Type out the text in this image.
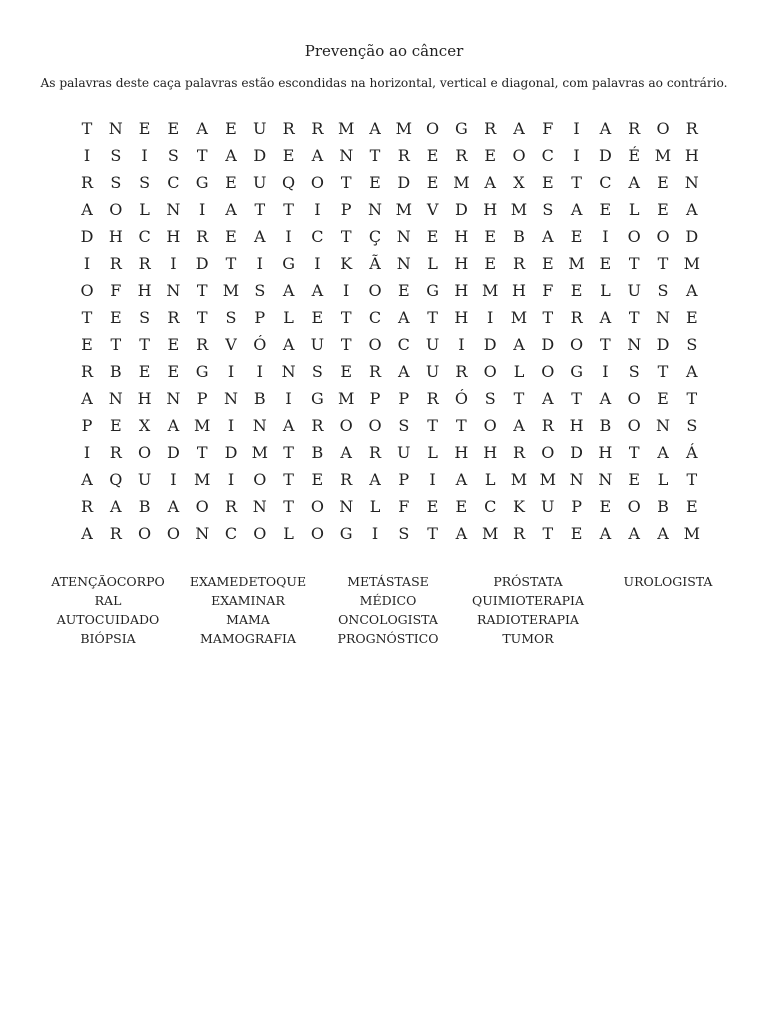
Prevenção ao câncer
As palavras deste caça palavras estão escondidas na horizontal, vertical e diagonal, com palavras ao contrário.
T	N E	E	A	E	U	R	R M A M O G	R	A	F	I	A	R	O	R
I	S	I	S	T	A	D	E	A	N	T	R	E	R	E	O	C	I	D	É M H
R	S	S	C	G	E	U Q O	T	E	D	E M A	X	E	T	C	A	E N
A	O	L	N	I	A	T	T	I	P	N M V	D H M S	A	E	L	E	A
D H C H R	E	A	I	C	T	Ç N E H E	B	A	E	I	O O D
I	R	R	I	D	T	I	G	I	K	Ã	N	L	H E	R	E M E	T	T M
O	F	H N	T M S	A	A	I	O	E	G H M H	F	E	L	U	S	A
T	E	S	R	T	S	P	L	E	T	C	A	T	H	I	M T	R	A	T	N E
E	T	T	E	R	V	Ó	A	U	T	O	C U	I	D	A	D O	T	N D	S
R	B	E	E	G	I	I	N	S	E	R	A	U	R	O	L	O G	I	S	T	A
A	N H N	P	N B	I	G M P	P	R	Ó	S	T	A	T	A	O	E	T
P	E	X	A M	I	N	A	R	O O	S	T	T	O	A	R H B	O N	S
I	R	O D	T	D M T	B	A	R	U	L	H H R	O D H	T	A	Á
A	Q U	I	M	I	O	T	E	R	A	P	I	A	L M M N N E	L	T
R	A	B	A	O	R N	T	O N	L	F	E	E	C	K	U	P	E	O	B	E
A	R	O O N C	O	L	O G	I	S	T	A M R	T	E	A	A	A M
ATENÇÃOCORPO
RAL
AUTOCUIDADO
BIÓPSIA
EXAMEDETOQUE
EXAMINAR
MAMA
MAMOGRAFIA
METÁSTASE
MÉDICO
ONCOLOGISTA
PROGNÓSTICO
PRÓSTATA
QUIMIOTERAPIA
RADIOTERAPIA
TUMOR
UROLOGISTA
